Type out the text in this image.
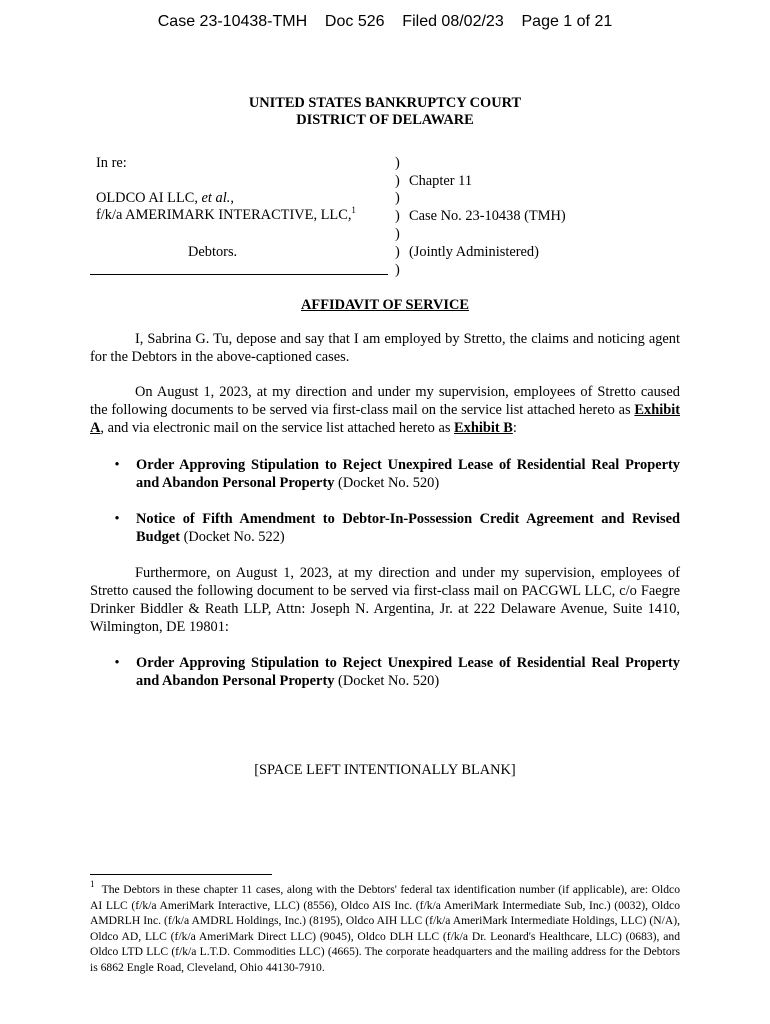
Case 23-10438-TMH    Doc 526    Filed 08/02/23    Page 1 of 21
UNITED STATES BANKRUPTCY COURT
DISTRICT OF DELAWARE
In re:
OLDCO AI LLC, et al.,
f/k/a AMERIMARK INTERACTIVE, LLC,$^1$
Debtors.
)
)
)
)
)
)
)
Chapter 11
Case No. 23-10438 (TMH)
(Jointly Administered)
AFFIDAVIT OF SERVICE
I, Sabrina G. Tu, depose and say that I am employed by Stretto, the claims and noticing agent for the Debtors in the above-captioned cases.
On August 1, 2023, at my direction and under my supervision, employees of Stretto caused the following documents to be served via first-class mail on the service list attached hereto as Exhibit A, and via electronic mail on the service list attached hereto as Exhibit B:
• Order Approving Stipulation to Reject Unexpired Lease of Residential Real Property and Abandon Personal Property (Docket No. 520)
• Notice of Fifth Amendment to Debtor-In-Possession Credit Agreement and Revised Budget (Docket No. 522)
Furthermore, on August 1, 2023, at my direction and under my supervision, employees of Stretto caused the following document to be served via first-class mail on PACGWL LLC, c/o Faegre Drinker Biddler & Reath LLP, Attn: Joseph N. Argentina, Jr. at 222 Delaware Avenue, Suite 1410, Wilmington, DE 19801:
• Order Approving Stipulation to Reject Unexpired Lease of Residential Real Property and Abandon Personal Property (Docket No. 520)
[SPACE LEFT INTENTIONALLY BLANK]
$^1$ The Debtors in these chapter 11 cases, along with the Debtors' federal tax identification number (if applicable), are: Oldco AI LLC (f/k/a AmeriMark Interactive, LLC) (8556), Oldco AIS Inc. (f/k/a AmeriMark Intermediate Sub, Inc.) (0032), Oldco AMDRLH Inc. (f/k/a AMDRL Holdings, Inc.) (8195), Oldco AIH LLC (f/k/a AmeriMark Intermediate Holdings, LLC) (N/A), Oldco AD, LLC (f/k/a AmeriMark Direct LLC) (9045), Oldco DLH LLC (f/k/a Dr. Leonard's Healthcare, LLC) (0683), and Oldco LTD LLC (f/k/a L.T.D. Commodities LLC) (4665). The corporate headquarters and the mailing address for the Debtors is 6862 Engle Road, Cleveland, Ohio 44130-7910.
